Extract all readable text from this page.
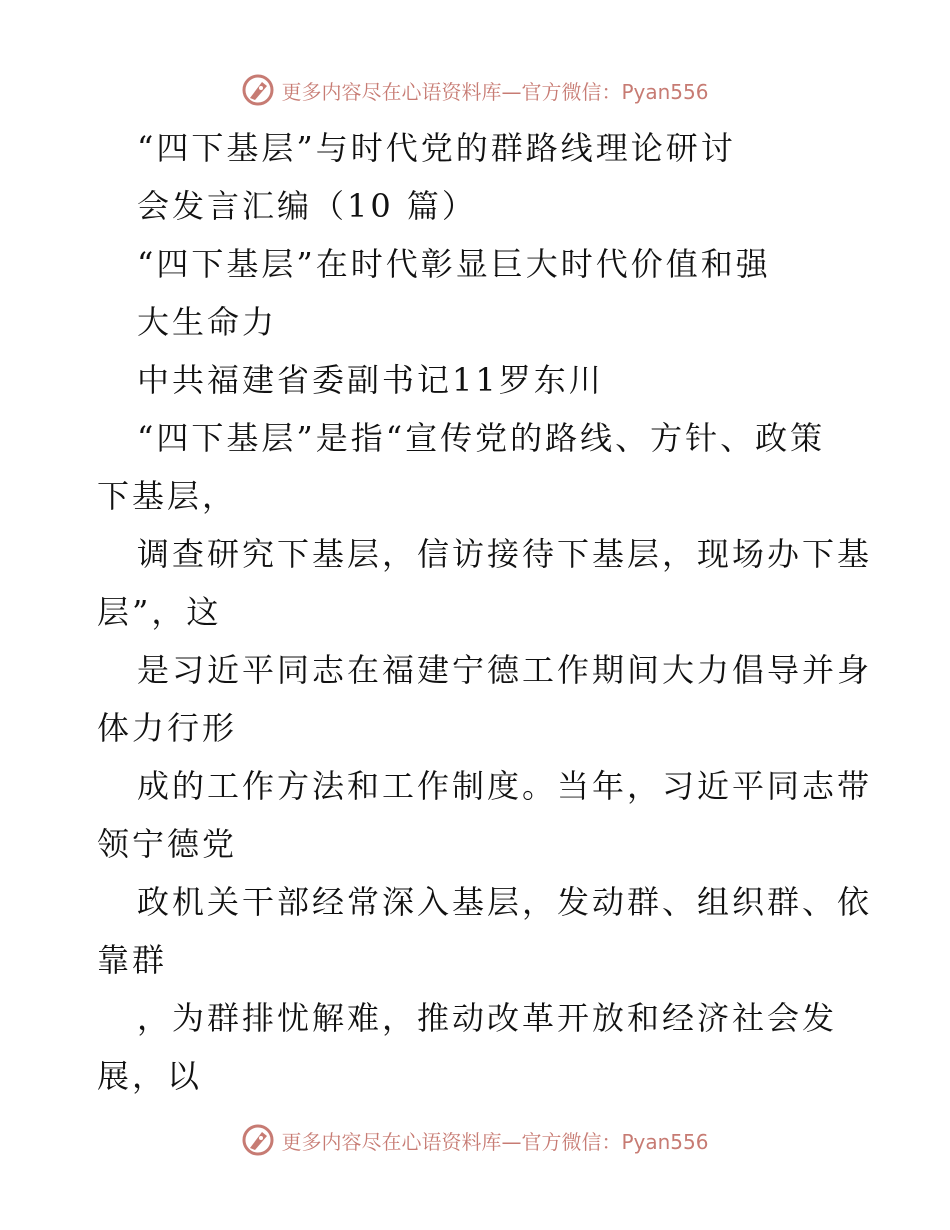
更多内容尽在心语资料库—官方微信：Pyan556
“四下基层”与时代党的群路线理论研讨
会发言汇编（10 篇）
“四下基层”在时代彰显巨大时代价值和强
大生命力
中共福建省委副书记11罗东川
“四下基层”是指“宣传党的路线、方针、政策
下基层，
调查研究下基层，信访接待下基层，现场办下基
层”，这
是习近平同志在福建宁德工作期间大力倡导并身
体力行形
成的工作方法和工作制度。当年，习近平同志带
领宁德党
政机关干部经常深入基层，发动群、组织群、依
靠群
，为群排忧解难，推动改革开放和经济社会发
展，以
更多内容尽在心语资料库—官方微信：Pyan556
